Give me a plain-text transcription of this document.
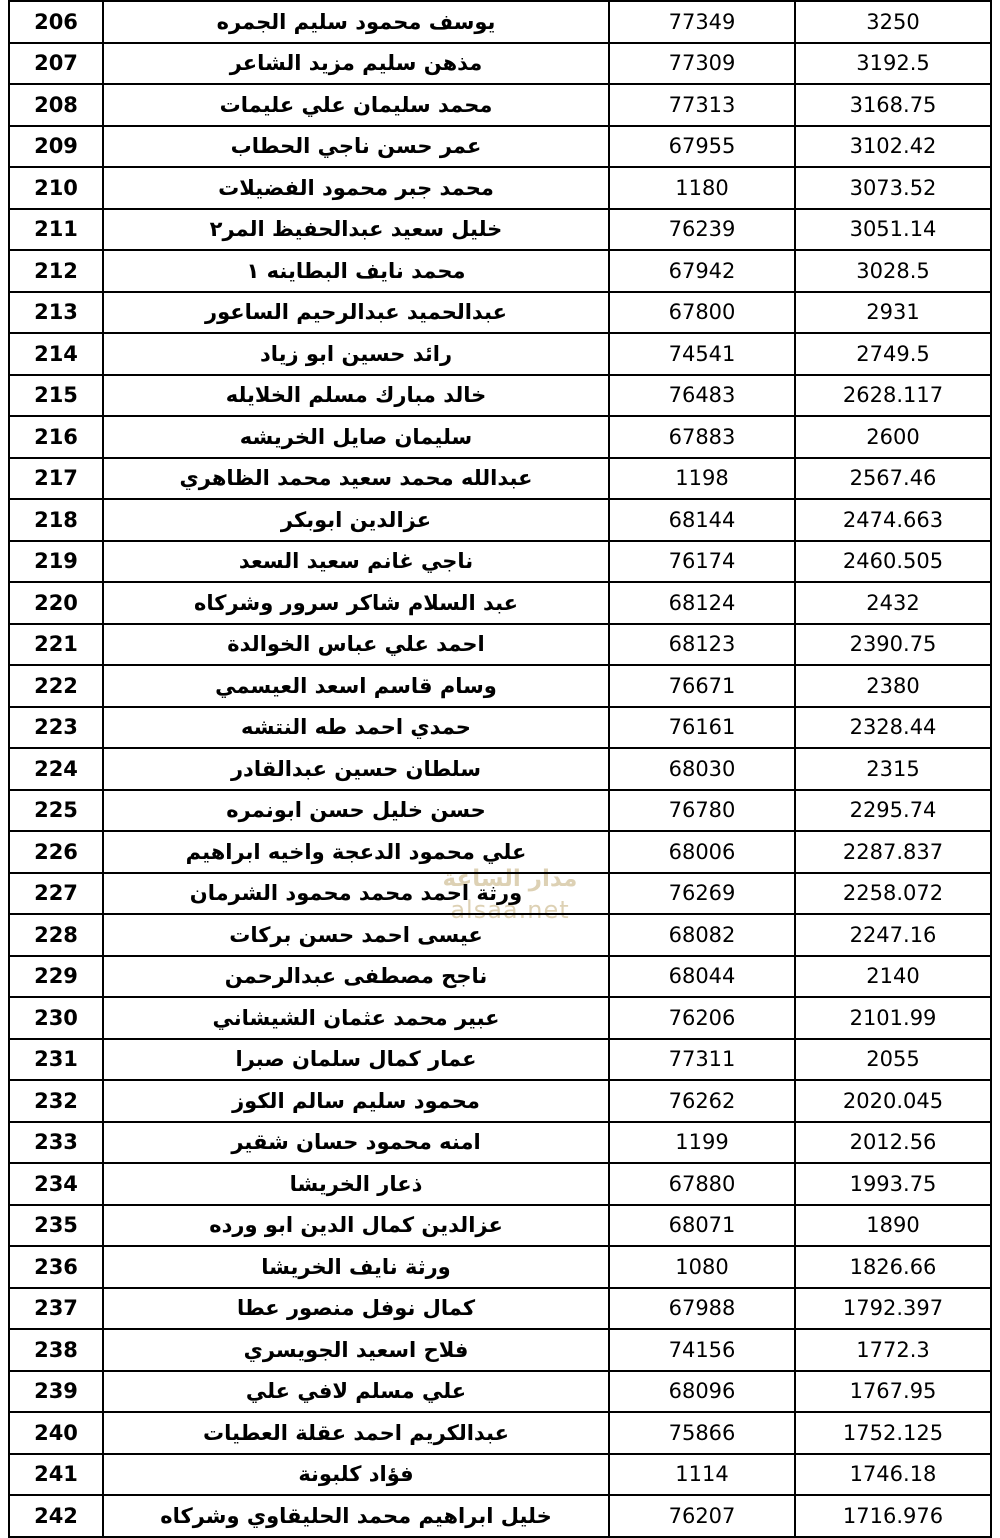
مدار الساعة
alsaa.net
3250	77349	يوسف محمود سليم الجمره	206
3192.5	77309	مذهن سليم مزيد الشاعر	207
3168.75	77313	محمد سليمان علي عليمات	208
3102.42	67955	عمر حسن ناجي الحطاب	209
3073.52	1180	محمد جبر محمود الفضيلات	210
3051.14	76239	خليل سعيد عبدالحفيظ المر٢	211
3028.5	67942	محمد نايف البطاينه ١	212
2931	67800	عبدالحميد عبدالرحيم الساعور	213
2749.5	74541	رائد حسين ابو زياد	214
2628.117	76483	خالد مبارك مسلم الخلايله	215
2600	67883	سليمان صايل الخريشه	216
2567.46	1198	عبدالله محمد سعيد محمد الظاهري	217
2474.663	68144	عزالدين ابوبكر	218
2460.505	76174	ناجي غانم سعيد السعد	219
2432	68124	عبد السلام شاكر سرور وشركاه	220
2390.75	68123	احمد علي عباس الخوالدة	221
2380	76671	وسام قاسم اسعد العيسمي	222
2328.44	76161	حمدي احمد طه النتشه	223
2315	68030	سلطان حسين عبدالقادر	224
2295.74	76780	حسن خليل حسن ابونمره	225
2287.837	68006	علي محمود الدعجة واخيه ابراهيم	226
2258.072	76269	ورثة احمد محمد محمود الشرمان	227
2247.16	68082	عيسى احمد حسن بركات	228
2140	68044	ناجح مصطفى عبدالرحمن	229
2101.99	76206	عبير محمد عثمان الشيشاني	230
2055	77311	عمار كمال سلمان صبرا	231
2020.045	76262	محمود سليم سالم الكوز	232
2012.56	1199	امنه محمود حسان شقير	233
1993.75	67880	ذعار الخريشا	234
1890	68071	عزالدين كمال الدين ابو ورده	235
1826.66	1080	ورثة نايف الخريشا	236
1792.397	67988	كمال نوفل منصور عطا	237
1772.3	74156	فلاح اسعيد الجويسري	238
1767.95	68096	علي مسلم لافي علي	239
1752.125	75866	عبدالكريم احمد عقلة العطيات	240
1746.18	1114	فؤاد كلبونة	241
1716.976	76207	خليل ابراهيم محمد الحليقاوي وشركاه	242
